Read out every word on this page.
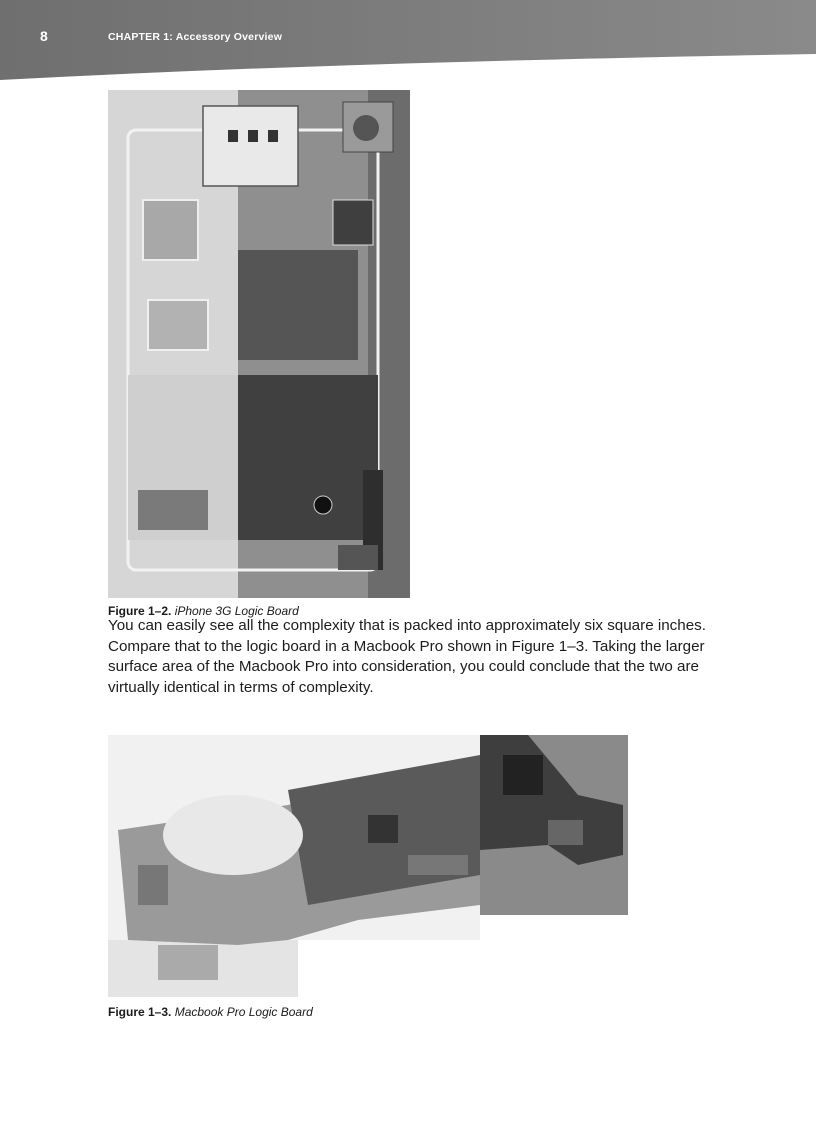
8	CHAPTER 1: Accessory Overview
Figure 1–2. iPhone 3G Logic Board
You can easily see all the complexity that is packed into approximately six square inches. Compare that to the logic board in a Macbook Pro shown in Figure 1–3. Taking the larger surface area of the Macbook Pro into consideration, you could conclude that the two are virtually identical in terms of complexity.
Figure 1–3. Macbook Pro Logic Board
